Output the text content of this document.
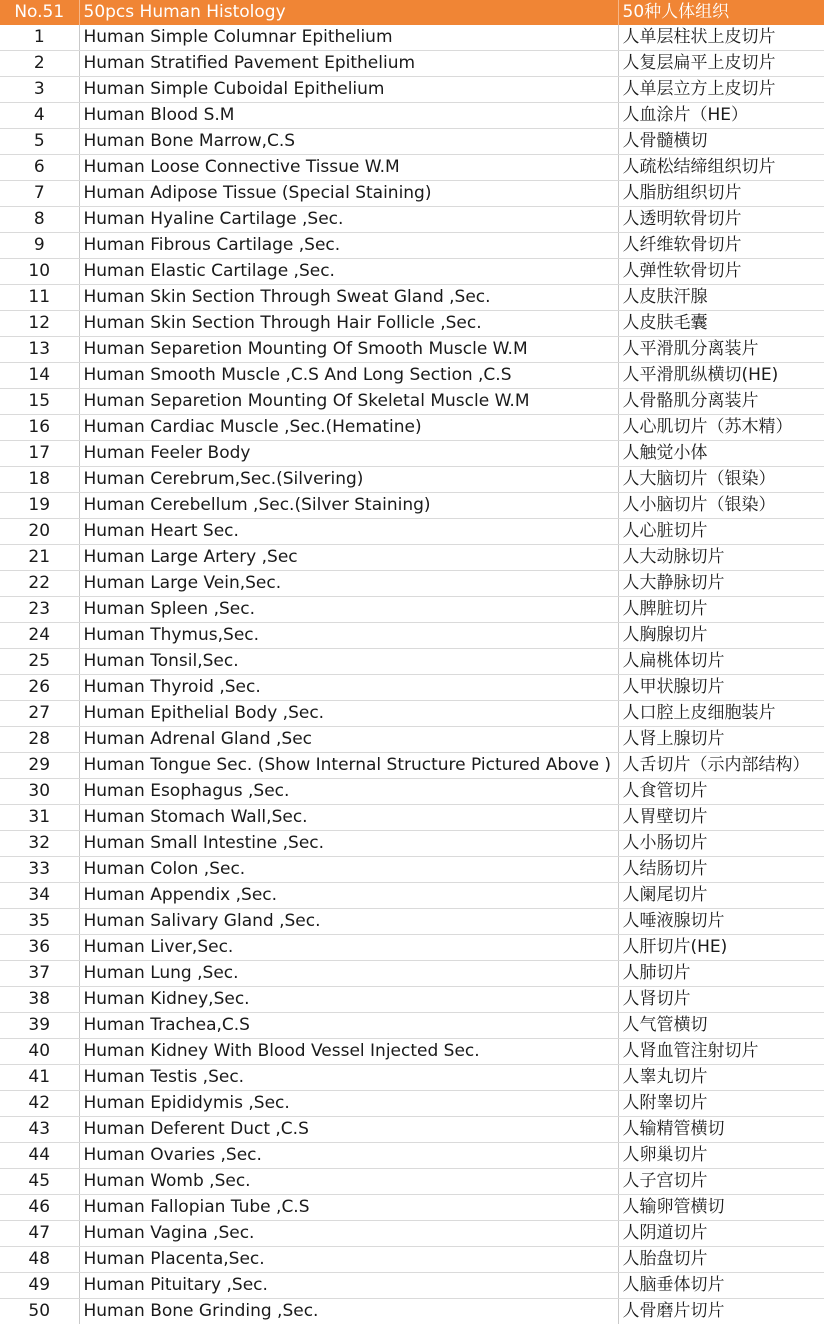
No.51	50pcs Human Histology	50种人体组织
1	Human Simple Columnar Epithelium	人单层柱状上皮切片
2	Human Stratified Pavement Epithelium	人复层扁平上皮切片
3	Human Simple Cuboidal Epithelium	人单层立方上皮切片
4	Human Blood S.M	人血涂片（HE）
5	Human Bone Marrow,C.S	人骨髓横切
6	Human Loose Connective Tissue W.M	人疏松结缔组织切片
7	Human Adipose Tissue (Special Staining)	人脂肪组织切片
8	Human Hyaline Cartilage ,Sec.	人透明软骨切片
9	Human Fibrous Cartilage ,Sec.	人纤维软骨切片
10	Human Elastic Cartilage ,Sec.	人弹性软骨切片
11	Human Skin Section Through Sweat Gland ,Sec.	人皮肤汗腺
12	Human Skin Section Through Hair Follicle ,Sec.	人皮肤毛囊
13	Human Separetion Mounting Of Smooth Muscle W.M	人平滑肌分离装片
14	Human Smooth Muscle ,C.S And Long Section ,C.S	人平滑肌纵横切(HE)
15	Human Separetion Mounting Of Skeletal Muscle W.M	人骨骼肌分离装片
16	Human Cardiac Muscle ,Sec.(Hematine)	人心肌切片（苏木精）
17	Human Feeler Body	人触觉小体
18	Human Cerebrum,Sec.(Silvering)	人大脑切片（银染）
19	Human Cerebellum ,Sec.(Silver Staining)	人小脑切片（银染）
20	Human Heart Sec.	人心脏切片
21	Human Large Artery ,Sec	人大动脉切片
22	Human Large Vein,Sec.	人大静脉切片
23	Human Spleen ,Sec.	人脾脏切片
24	Human Thymus,Sec.	人胸腺切片
25	Human Tonsil,Sec.	人扁桃体切片
26	Human Thyroid ,Sec.	人甲状腺切片
27	Human Epithelial Body ,Sec.	人口腔上皮细胞装片
28	Human Adrenal Gland ,Sec	人肾上腺切片
29	Human Tongue Sec. (Show Internal Structure Pictured Above )	人舌切片（示内部结构）
30	Human Esophagus ,Sec.	人食管切片
31	Human Stomach Wall,Sec.	人胃壁切片
32	Human Small Intestine ,Sec.	人小肠切片
33	Human Colon ,Sec.	人结肠切片
34	Human Appendix ,Sec.	人阑尾切片
35	Human Salivary Gland ,Sec.	人唾液腺切片
36	Human Liver,Sec.	人肝切片(HE)
37	Human Lung ,Sec.	人肺切片
38	Human Kidney,Sec.	人肾切片
39	Human Trachea,C.S	人气管横切
40	Human Kidney With Blood Vessel Injected Sec.	人肾血管注射切片
41	Human Testis ,Sec.	人睾丸切片
42	Human Epididymis ,Sec.	人附睾切片
43	Human Deferent Duct ,C.S	人输精管横切
44	Human Ovaries ,Sec.	人卵巢切片
45	Human Womb ,Sec.	人子宫切片
46	Human Fallopian Tube ,C.S	人输卵管横切
47	Human Vagina ,Sec.	人阴道切片
48	Human Placenta,Sec.	人胎盘切片
49	Human Pituitary ,Sec.	人脑垂体切片
50	Human Bone Grinding ,Sec.	人骨磨片切片
